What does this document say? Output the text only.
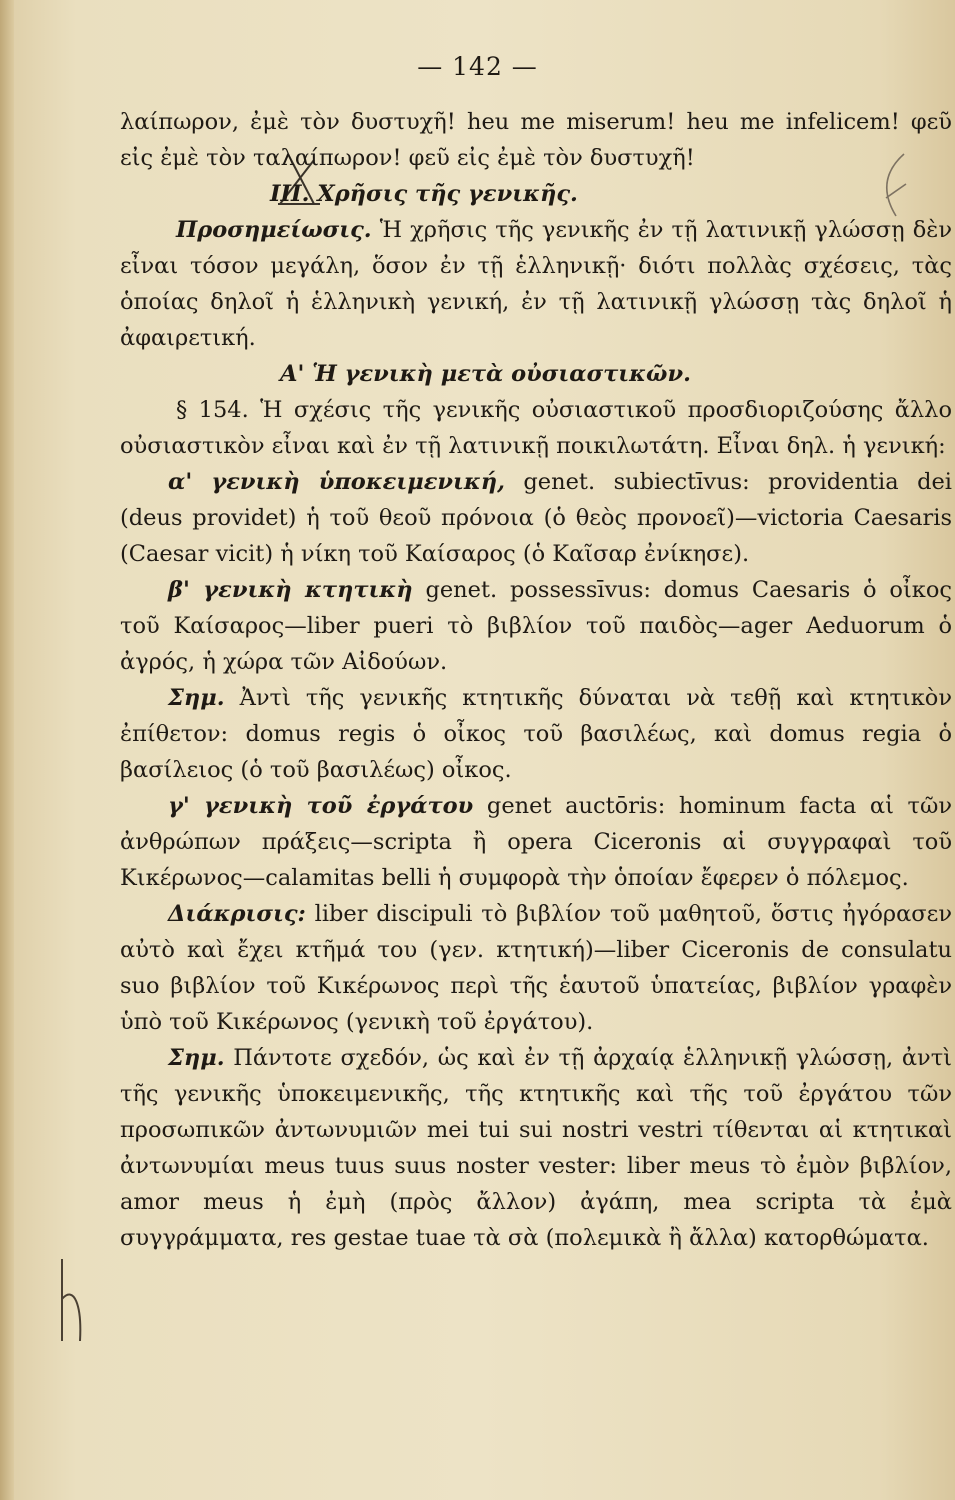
— 142 —

λαίπωρον, ἐμὲ τὸν δυστυχῆ! heu me miserum! heu me infelicem! φεῦ εἰς ἐμὲ τὸν ταλαίπωρον! φεῦ εἰς ἐμὲ τὸν δυστυχῆ!

III. Χρῆσις τῆς γενικῆς.

Προσημείωσις. Ἡ χρῆσις τῆς γενικῆς ἐν τῇ λατινικῇ γλώσσῃ δὲν εἶναι τόσον μεγάλη, ὅσον ἐν τῇ ἑλληνικῇ· διότι πολλὰς σχέσεις, τὰς ὁποίας δηλοῖ ἡ ἑλληνικὴ γενική, ἐν τῇ λατινικῇ γλώσσῃ τὰς δηλοῖ ἡ ἀφαιρετική.

Α' Ἡ γενικὴ μετὰ οὐσιαστικῶν.

§ 154. Ἡ σχέσις τῆς γενικῆς οὐσιαστικοῦ προσδιοριζούσης ἄλλο οὐσιαστικὸν εἶναι καὶ ἐν τῇ λατινικῇ ποικιλωτάτη. Εἶναι δηλ. ἡ γενική:

α' γενικὴ ὑποκειμενική, genet. subiectīvus: providentia dei (deus providet) ἡ τοῦ θεοῦ πρόνοια (ὁ θεὸς προνοεῖ)—victoria Caesaris (Caesar vicit) ἡ νίκη τοῦ Καίσαρος (ὁ Καῖσαρ ἐνίκησε).

β' γενικὴ κτητικὴ genet. possessīvus: domus Caesaris ὁ οἶκος τοῦ Καίσαρος—liber pueri τὸ βιβλίον τοῦ παιδὸς—ager Aeduorum ὁ ἀγρός, ἡ χώρα τῶν Αἰδούων.

Σημ. Ἀντὶ τῆς γενικῆς κτητικῆς δύναται νὰ τεθῇ καὶ κτητικὸν ἐπίθετον: domus regis ὁ οἶκος τοῦ βασιλέως, καὶ domus regia ὁ βασίλειος (ὁ τοῦ βασιλέως) οἶκος.

γ' γενικὴ τοῦ ἐργάτου genet auctōris: hominum facta αἱ τῶν ἀνθρώπων πράξεις—scripta ἢ opera Ciceronis αἱ συγγραφαὶ τοῦ Κικέρωνος—calamitas belli ἡ συμφορὰ τὴν ὁποίαν ἔφερεν ὁ πόλεμος.

Διάκρισις: liber discipuli τὸ βιβλίον τοῦ μαθητοῦ, ὅστις ἠγόρασεν αὐτὸ καὶ ἔχει κτῆμά του (γεν. κτητική)—liber Ciceronis de consulatu suo βιβλίον τοῦ Κικέρωνος περὶ τῆς ἑαυτοῦ ὑπατείας, βιβλίον γραφὲν ὑπὸ τοῦ Κικέρωνος (γενικὴ τοῦ ἐργάτου).

Σημ. Πάντοτε σχεδόν, ὡς καὶ ἐν τῇ ἀρχαίᾳ ἑλληνικῇ γλώσσῃ, ἀντὶ τῆς γενικῆς ὑποκειμενικῆς, τῆς κτητικῆς καὶ τῆς τοῦ ἐργάτου τῶν προσωπικῶν ἀντωνυμιῶν mei tui sui nostri vestri τίθενται αἱ κτητικαὶ ἀντωνυμίαι meus tuus suus noster vester: liber meus τὸ ἐμὸν βιβλίον, amor meus ἡ ἐμὴ (πρὸς ἄλλον) ἀγάπη, mea scripta τὰ ἐμὰ συγγράμματα, res gestae tuae τὰ σὰ (πολεμικὰ ἢ ἄλλα) κατορθώματα.
